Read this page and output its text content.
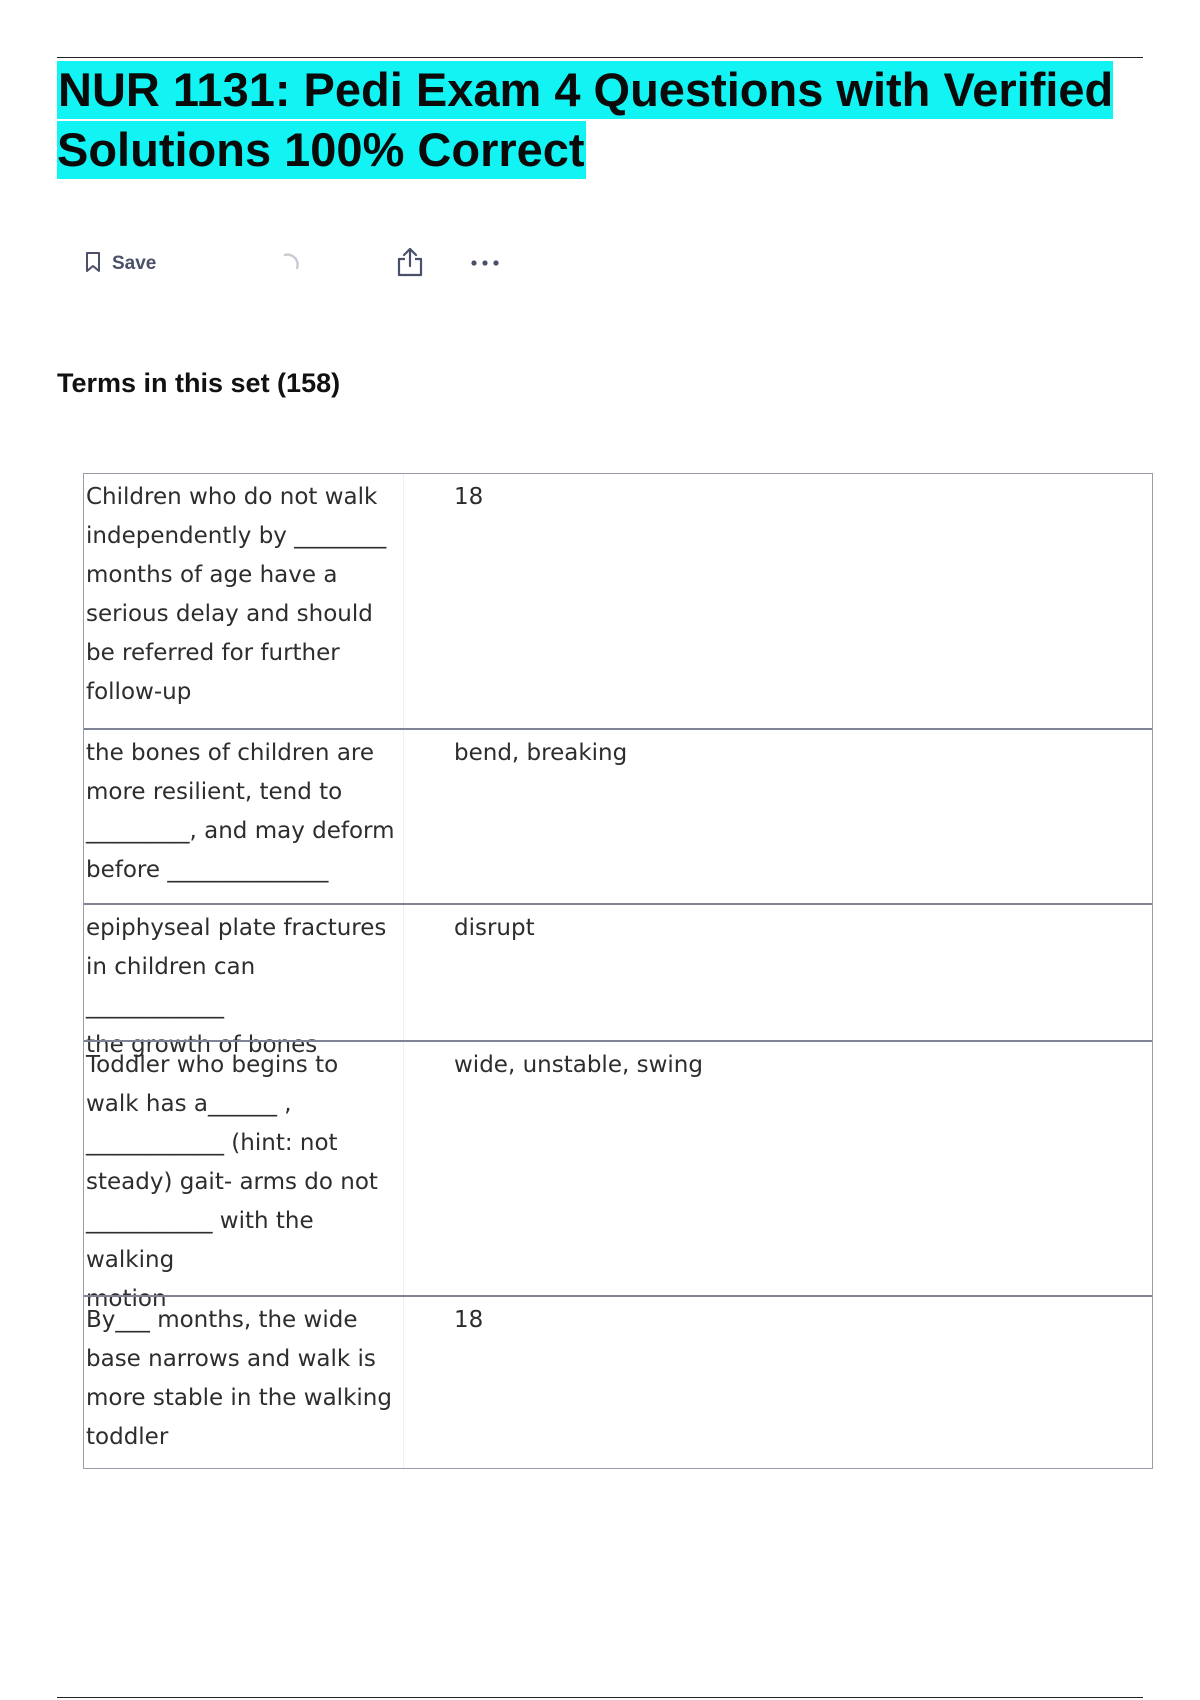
NUR 1131: Pedi Exam 4 Questions with Verified Solutions 100% Correct
Save
Terms in this set (158)
Children who do not walk
independently by ________
months of age have a
serious delay and should
be referred for further
follow-up
18
the bones of children are
more resilient, tend to
_________, and may deform
before ______________
bend, breaking
epiphyseal plate fractures
in children can ____________
the growth of bones
disrupt
Toddler who begins to
walk has a______ ,
____________ (hint: not
steady) gait- arms do not
___________ with the walking
motion
wide, unstable, swing
By___ months, the wide
base narrows and walk is
more stable in the walking
toddler
18
